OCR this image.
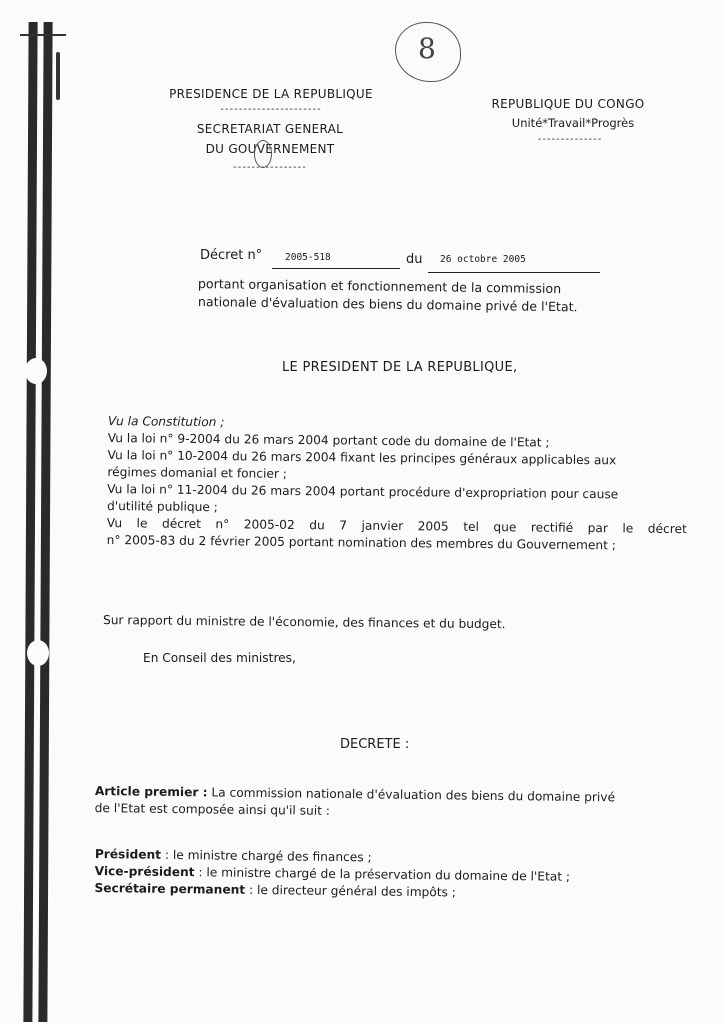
8
PRESIDENCE DE LA REPUBLIQUE
----------------------
SECRETARIAT GENERAL
DU GOUVERNEMENT
----------------
REPUBLIQUE DU CONGO
Unité*Travail*Progrès
--------------
Décret n° 2005-518	du 26 octobre 2005
portant organisation et fonctionnement de la commission
nationale d'évaluation des biens du domaine privé de l'Etat.
LE PRESIDENT DE LA REPUBLIQUE,
Vu la Constitution ;
Vu la loi n° 9-2004 du 26 mars 2004 portant code du domaine de l'Etat ;
Vu la loi n° 10-2004 du 26 mars 2004 fixant les principes généraux applicables aux
régimes domanial et foncier ;
Vu la loi n° 11-2004 du 26 mars 2004 portant procédure d'expropriation pour cause
d'utilité publique ;
Vu le décret n° 2005-02 du 7 janvier 2005 tel que rectifié par le décret
n° 2005-83 du 2 février 2005 portant nomination des membres du Gouvernement ;
Sur rapport du ministre de l'économie, des finances et du budget.
En Conseil des ministres,
DECRETE :
Article premier : La commission nationale d'évaluation des biens du domaine privé
de l'Etat est composée ainsi qu'il suit :
Président : le ministre chargé des finances ;
Vice-président : le ministre chargé de la préservation du domaine de l'Etat ;
Secrétaire permanent : le directeur général des impôts ;
